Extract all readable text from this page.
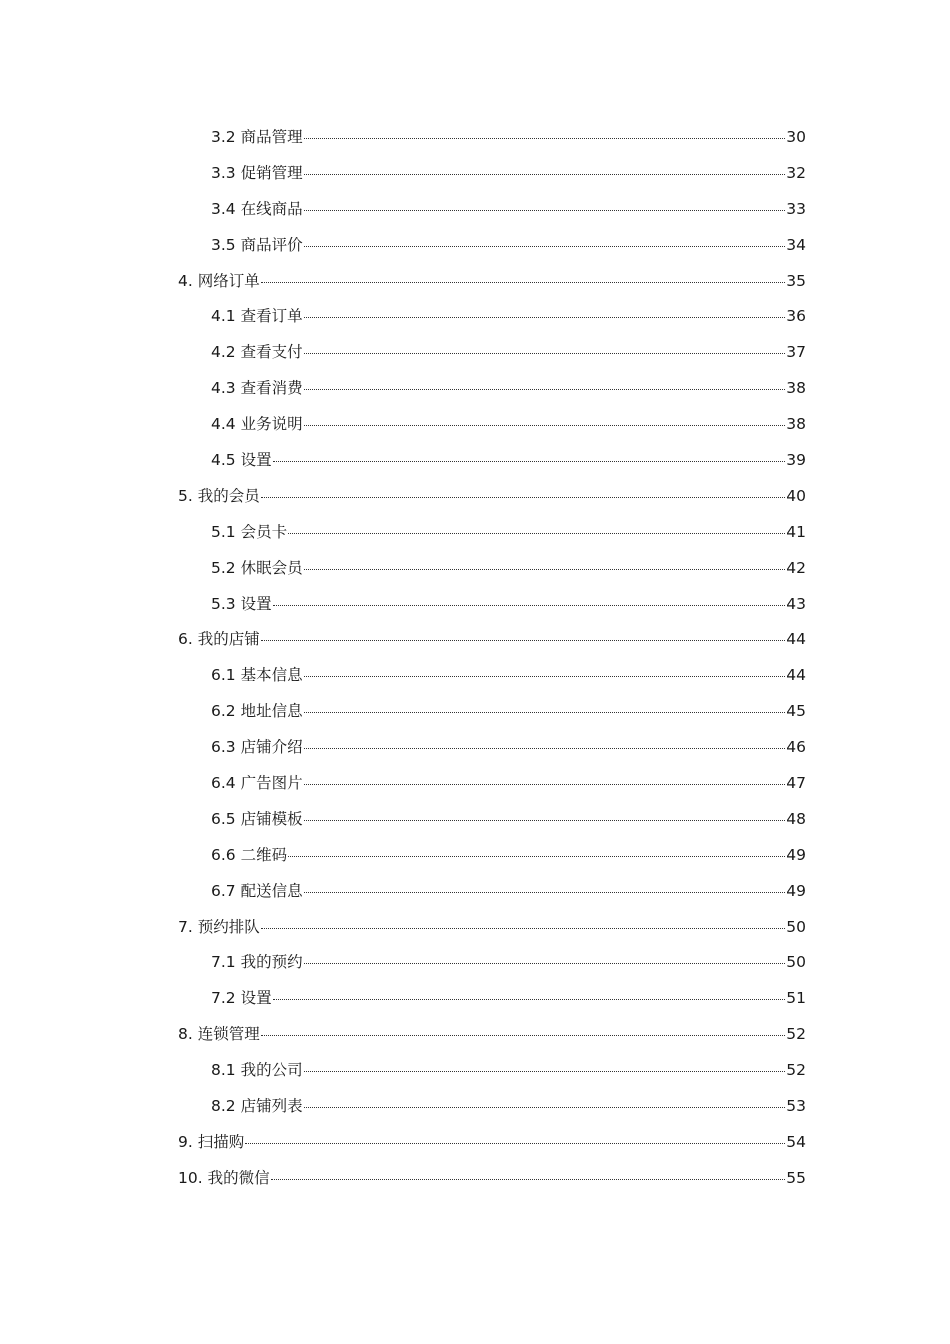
3.2 商品管理	30
3.3 促销管理	32
3.4 在线商品	33
3.5 商品评价	34
4. 网络订单	35
4.1 查看订单	36
4.2 查看支付	37
4.3 查看消费	38
4.4 业务说明	38
4.5 设置	39
5. 我的会员	40
5.1 会员卡	41
5.2 休眠会员	42
5.3 设置	43
6. 我的店铺	44
6.1 基本信息	44
6.2 地址信息	45
6.3 店铺介绍	46
6.4 广告图片	47
6.5 店铺模板	48
6.6 二维码	49
6.7 配送信息	49
7. 预约排队	50
7.1 我的预约	50
7.2 设置	51
8. 连锁管理	52
8.1 我的公司	52
8.2 店铺列表	53
9. 扫描购	54
10. 我的微信	55
